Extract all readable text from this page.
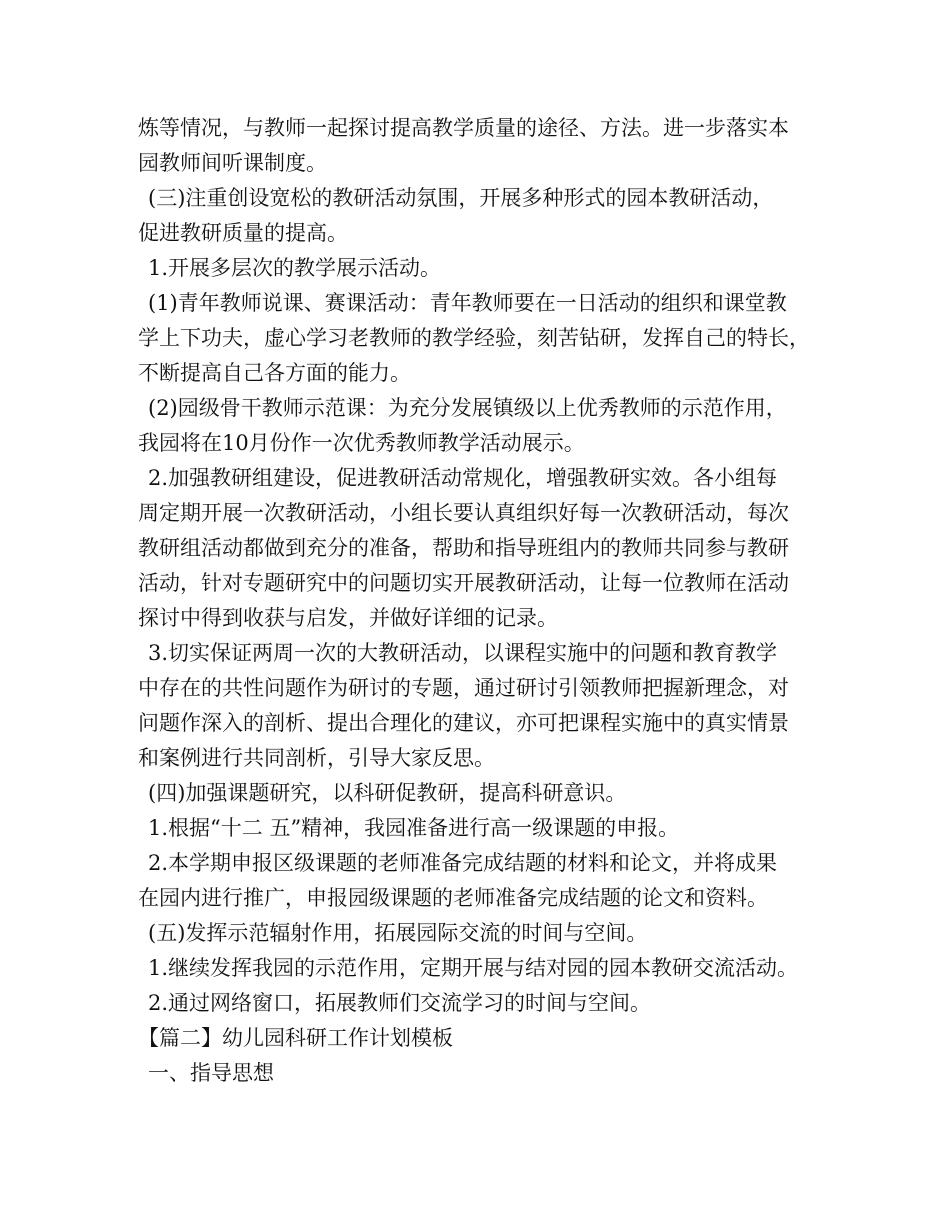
炼等情况，与教师一起探讨提高教学质量的途径、方法。进一步落实本
园教师间听课制度。
(三)注重创设宽松的教研活动氛围，开展多种形式的园本教研活动，
促进教研质量的提高。
1.开展多层次的教学展示活动。
(1)青年教师说课、赛课活动：青年教师要在一日活动的组织和课堂教
学上下功夫，虚心学习老教师的教学经验，刻苦钻研，发挥自己的特长，
不断提高自己各方面的能力。
(2)园级骨干教师示范课：为充分发展镇级以上优秀教师的示范作用，
我园将在10月份作一次优秀教师教学活动展示。
2.加强教研组建设，促进教研活动常规化，增强教研实效。各小组每
周定期开展一次教研活动，小组长要认真组织好每一次教研活动，每次
教研组活动都做到充分的准备，帮助和指导班组内的教师共同参与教研
活动，针对专题研究中的问题切实开展教研活动，让每一位教师在活动
探讨中得到收获与启发，并做好详细的记录。
3.切实保证两周一次的大教研活动，以课程实施中的问题和教育教学
中存在的共性问题作为研讨的专题，通过研讨引领教师把握新理念，对
问题作深入的剖析、提出合理化的建议，亦可把课程实施中的真实情景
和案例进行共同剖析，引导大家反思。
(四)加强课题研究，以科研促教研，提高科研意识。
1.根据“十二 五”精神，我园准备进行高一级课题的申报。
2.本学期申报区级课题的老师准备完成结题的材料和论文，并将成果
在园内进行推广，申报园级课题的老师准备完成结题的论文和资料。
(五)发挥示范辐射作用，拓展园际交流的时间与空间。
1.继续发挥我园的示范作用，定期开展与结对园的园本教研交流活动。
2.通过网络窗口，拓展教师们交流学习的时间与空间。
【篇二】幼儿园科研工作计划模板
一、指导思想
